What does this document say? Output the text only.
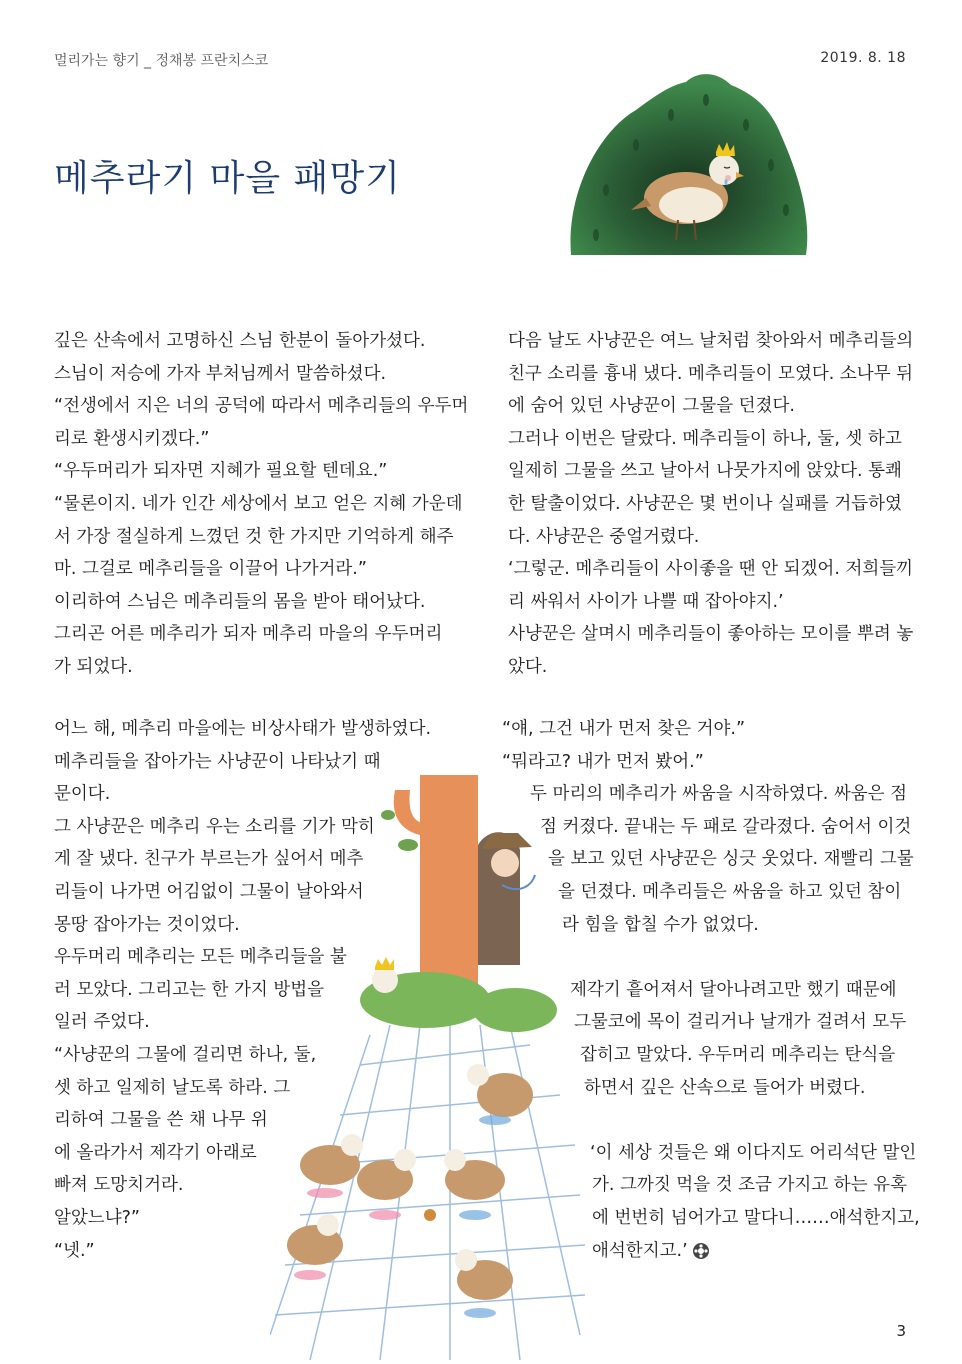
멀리가는 향기 _ 정채봉 프란치스코	2019. 8. 18
메추라기 마을 패망기
깊은 산속에서 고명하신 스님 한분이 돌아가셨다.
스님이 저승에 가자 부처님께서 말씀하셨다.
“전생에서 지은 너의 공덕에 따라서 메추리들의 우두머
리로 환생시키겠다.”
“우두머리가 되자면 지혜가 필요할 텐데요.”
“물론이지. 네가 인간 세상에서 보고 얻은 지혜 가운데
서 가장 절실하게 느꼈던 것 한 가지만 기억하게 해주
마. 그걸로 메추리들을 이끌어 나가거라.”
이리하여 스님은 메추리들의 몸을 받아 태어났다.
그리곤 어른 메추리가 되자 메추리 마을의 우두머리
가 되었다.
다음 날도 사냥꾼은 여느 날처럼 찾아와서 메추리들의
친구 소리를 흉내 냈다. 메추리들이 모였다. 소나무 뒤
에 숨어 있던 사냥꾼이 그물을 던졌다.
그러나 이번은 달랐다. 메추리들이 하나, 둘, 셋 하고
일제히 그물을 쓰고 날아서 나뭇가지에 앉았다. 통쾌
한 탈출이었다. 사냥꾼은 몇 번이나 실패를 거듭하였
다. 사냥꾼은 중얼거렸다.
‘그렇군. 메추리들이 사이좋을 땐 안 되겠어. 저희들끼
리 싸워서 사이가 나쁠 때 잡아야지.’
사냥꾼은 살며시 메추리들이 좋아하는 모이를 뿌려 놓
았다.
어느 해, 메추리 마을에는 비상사태가 발생하였다.
메추리들을 잡아가는 사냥꾼이 나타났기 때
문이다.
그 사냥꾼은 메추리 우는 소리를 기가 막히
게 잘 냈다. 친구가 부르는가 싶어서 메추
리들이 나가면 어김없이 그물이 날아와서
몽땅 잡아가는 것이었다.
우두머리 메추리는 모든 메추리들을 불
러 모았다. 그리고는 한 가지 방법을
일러 주었다.
“사냥꾼의 그물에 걸리면 하나, 둘,
셋 하고 일제히 날도록 하라. 그
리하여 그물을 쓴 채 나무 위
에 올라가서 제각기 아래로
빠져 도망치거라.
알았느냐?”
“넷.”
“얘, 그건 내가 먼저 찾은 거야.”
“뭐라고? 내가 먼저 봤어.”
두 마리의 메추리가 싸움을 시작하였다. 싸움은 점
점 커졌다. 끝내는 두 패로 갈라졌다. 숨어서 이것
을 보고 있던 사냥꾼은 싱긋 웃었다. 재빨리 그물
을 던졌다. 메추리들은 싸움을 하고 있던 참이
라 힘을 합칠 수가 없었다.
제각기 흩어져서 달아나려고만 했기 때문에
그물코에 목이 걸리거나 날개가 걸려서 모두
잡히고 말았다. 우두머리 메추리는 탄식을
하면서 깊은 산속으로 들어가 버렸다.
‘이 세상 것들은 왜 이다지도 어리석단 말인
가. 그까짓 먹을 것 조금 가지고 하는 유혹
에 번번히 넘어가고 말다니……애석한지고,
애석한지고.’
3
